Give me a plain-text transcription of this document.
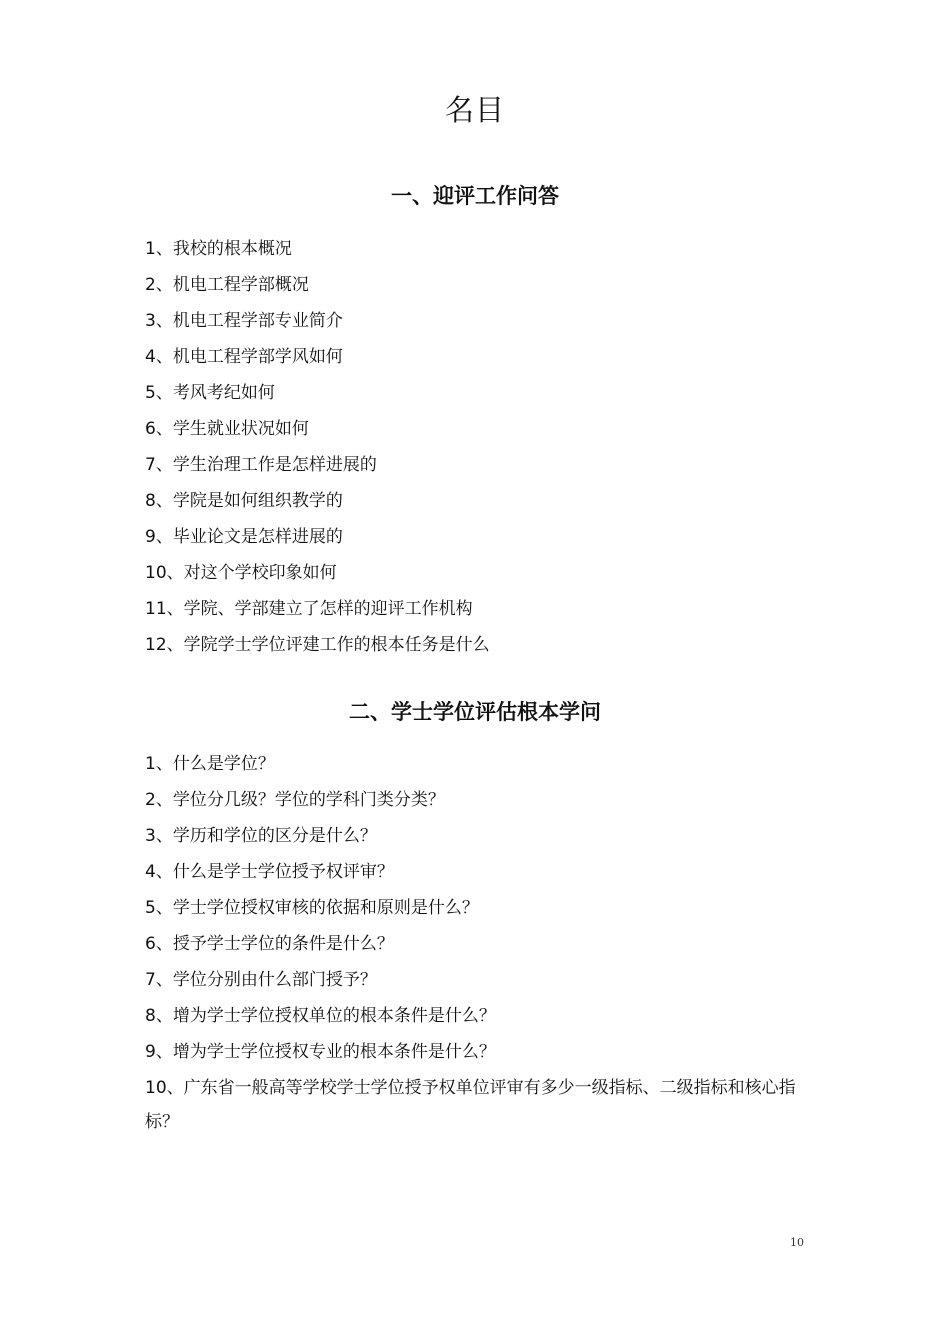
名目
一、迎评工作问答
1、我校的根本概况
2、机电工程学部概况
3、机电工程学部专业简介
4、机电工程学部学风如何
5、考风考纪如何
6、学生就业状况如何
7、学生治理工作是怎样进展的
8、学院是如何组织教学的
9、毕业论文是怎样进展的
10、对这个学校印象如何
11、学院、学部建立了怎样的迎评工作机构
12、学院学士学位评建工作的根本任务是什么
二、学士学位评估根本学问
1、什么是学位？
2、学位分几级？学位的学科门类分类？
3、学历和学位的区分是什么？
4、什么是学士学位授予权评审？
5、学士学位授权审核的依据和原则是什么？
6、授予学士学位的条件是什么？
7、学位分别由什么部门授予？
8、增为学士学位授权单位的根本条件是什么？
9、增为学士学位授权专业的根本条件是什么？
10、广东省一般高等学校学士学位授予权单位评审有多少一级指标、二级指标和核心指标？
10
